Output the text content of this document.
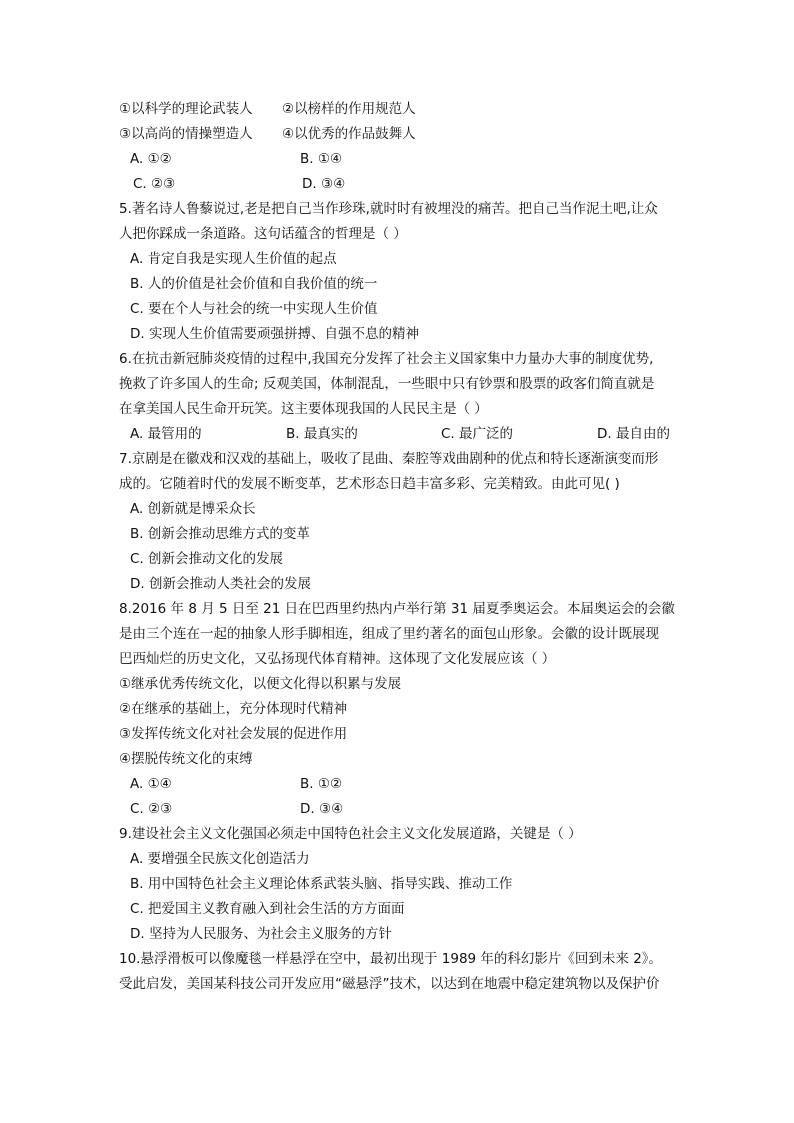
①以科学的理论武装人 ②以榜样的作用规范人
③以高尚的情操塑造人 ④以优秀的作品鼓舞人
A. ①②	B. ①④
C. ②③	D. ③④
5.著名诗人鲁藜说过,老是把自己当作珍珠,就时时有被埋没的痛苦。把自己当作泥土吧,让众
人把你踩成一条道路。这句话蕴含的哲理是（ ）
A. 肯定自我是实现人生价值的起点
B. 人的价值是社会价值和自我价值的统一
C. 要在个人与社会的统一中实现人生价值
D. 实现人生价值需要顽强拼搏、自强不息的精神
6.在抗击新冠肺炎疫情的过程中,我国充分发挥了社会主义国家集中力量办大事的制度优势,
挽救了许多国人的生命; 反观美国，体制混乱，一些眼中只有钞票和股票的政客们简直就是
在拿美国人民生命开玩笑。这主要体现我国的人民民主是（ ）
A. 最管用的	B. 最真实的	C. 最广泛的	D. 最自由的
7.京剧是在徽戏和汉戏的基础上，吸收了昆曲、秦腔等戏曲剧种的优点和特长逐渐演变而形
成的。它随着时代的发展不断变革，艺术形态日趋丰富多彩、完美精致。由此可见( )
A. 创新就是博采众长
B. 创新会推动思维方式的变革
C. 创新会推动文化的发展
D. 创新会推动人类社会的发展
8.2016 年 8 月 5 日至 21 日在巴西里约热内卢举行第 31 届夏季奥运会。本届奥运会的会徽
是由三个连在一起的抽象人形手脚相连，组成了里约著名的面包山形象。会徽的设计既展现
巴西灿烂的历史文化，又弘扬现代体育精神。这体现了文化发展应该（ ）
①继承优秀传统文化，以便文化得以积累与发展
②在继承的基础上，充分体现时代精神
③发挥传统文化对社会发展的促进作用
④摆脱传统文化的束缚
A. ①④	B. ①②
C. ②③	D. ③④
9.建设社会主义文化强国必须走中国特色社会主义文化发展道路，关键是（ ）
A. 要增强全民族文化创造活力
B. 用中国特色社会主义理论体系武装头脑、指导实践、推动工作
C. 把爱国主义教育融入到社会生活的方方面面
D. 坚持为人民服务、为社会主义服务的方针
10.悬浮滑板可以像魔毯一样悬浮在空中，最初出现于 1989 年的科幻影片《回到未来 2》。
受此启发，美国某科技公司开发应用“磁悬浮”技术，以达到在地震中稳定建筑物以及保护价
